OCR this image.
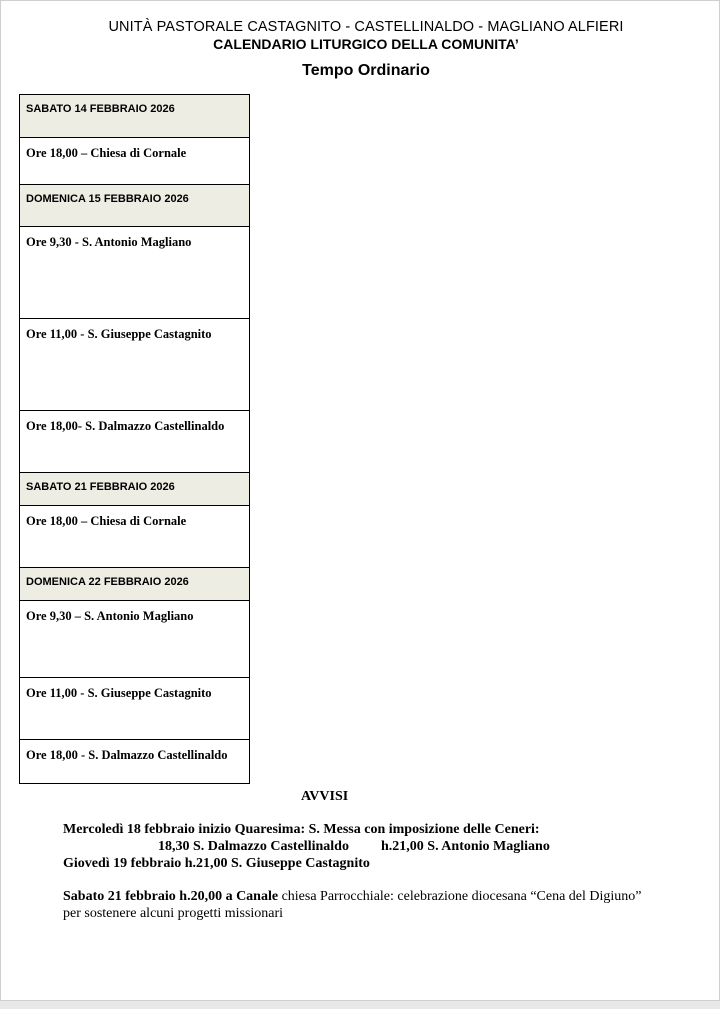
UNITÀ PASTORALE CASTAGNITO - CASTELLINALDO - MAGLIANO ALFIERI
CALENDARIO LITURGICO DELLA COMUNITA’
Tempo Ordinario
SABATO 14 FEBBRAIO 2026
Ore 18,00 – Chiesa di Cornale
DOMENICA 15 FEBBRAIO 2026
Ore 9,30 - S. Antonio Magliano
Ore 11,00 - S. Giuseppe Castagnito
Ore 18,00- S. Dalmazzo Castellinaldo
SABATO 21 FEBBRAIO 2026
Ore 18,00 – Chiesa di Cornale
DOMENICA 22 FEBBRAIO 2026
Ore 9,30 – S. Antonio Magliano
Ore 11,00 - S. Giuseppe Castagnito
Ore 18,00 - S. Dalmazzo Castellinaldo
AVVISI
Mercoledì 18 febbraio inizio Quaresima: S. Messa con imposizione delle Ceneri:
18,30 S. Dalmazzo Castellinaldo h.21,00 S. Antonio Magliano
Giovedì 19 febbraio h.21,00 S. Giuseppe Castagnito
Sabato 21 febbraio h.20,00 a Canale chiesa Parrocchiale: celebrazione diocesana “Cena del Digiuno”
per sostenere alcuni progetti missionari
